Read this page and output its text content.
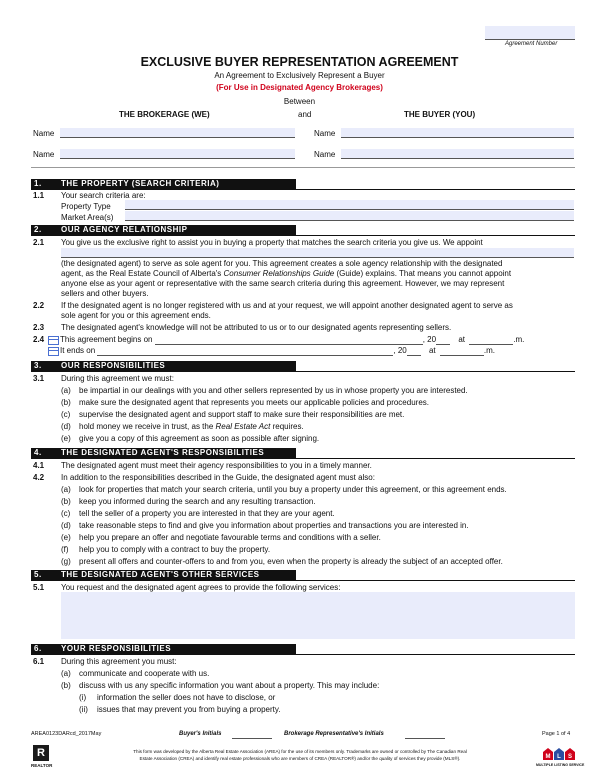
Agreement Number
EXCLUSIVE BUYER REPRESENTATION AGREEMENT
An Agreement to Exclusively Represent a Buyer
(For Use in Designated Agency Brokerages)
Between
THE BROKERAGE (WE)	and	THE BUYER (YOU)
Name	Name
Name	Name
1. THE PROPERTY (SEARCH CRITERIA)
1.1 Your search criteria are:
Property Type
Market Area(s)
2. OUR AGENCY RELATIONSHIP
2.1 You give us the exclusive right to assist you in buying a property that matches the search criteria you give us. We appoint
(the designated agent) to serve as sole agent for you. This agreement creates a sole agency relationship with the designated
agent, as the Real Estate Council of Alberta's Consumer Relationships Guide (Guide) explains. That means you cannot appoint
anyone else as your agent or representative with the same search criteria during this agreement. However, we may represent
sellers and other buyers.
2.2 If the designated agent is no longer registered with us and at your request, we will appoint another designated agent to serve as
sole agent for you or this agreement ends.
2.3 The designated agent's knowledge will not be attributed to us or to our designated agents representing sellers.
2.4	This agreement begins on	, 20	at	.m.
It ends on	, 20	at	.m.
3. OUR RESPONSIBILITIES
3.1 During this agreement we must:
(a) be impartial in our dealings with you and other sellers represented by us in whose property you are interested.
(b) make sure the designated agent that represents you meets our applicable policies and procedures.
(c) supervise the designated agent and support staff to make sure their responsibilities are met.
(d) hold money we receive in trust, as the Real Estate Act requires.
(e) give you a copy of this agreement as soon as possible after signing.
4. THE DESIGNATED AGENT'S RESPONSIBILITIES
4.1 The designated agent must meet their agency responsibilities to you in a timely manner.
4.2 In addition to the responsibilities described in the Guide, the designated agent must also:
(a) look for properties that match your search criteria, until you buy a property under this agreement, or this agreement ends.
(b) keep you informed during the search and any resulting transaction.
(c) tell the seller of a property you are interested in that they are your agent.
(d) take reasonable steps to find and give you information about properties and transactions you are interested in.
(e) help you prepare an offer and negotiate favourable terms and conditions with a seller.
(f) help you to comply with a contract to buy the property.
(g) present all offers and counter-offers to and from you, even when the property is already the subject of an accepted offer.
5. THE DESIGNATED AGENT'S OTHER SERVICES
5.1 You request and the designated agent agrees to provide the following services:
6. YOUR RESPONSIBILITIES
6.1 During this agreement you must:
(a) communicate and cooperate with us.
(b) discuss with us any specific information you want about a property. This may include:
(i) information the seller does not have to disclose, or
(ii) issues that may prevent you from buying a property.
AREA0123DARcd_2017May	Buyer's Initials	Brokerage Representative's Initials	Page 1 of 4
R
REALTOR
This form was developed by the Alberta Real Estate Association (AREA) for the use of its members only. Trademarks are owned or controlled by The Canadian Real
Estate Association (CREA) and identify real estate professionals who are members of CREA (REALTOR®) and/or the quality of services they provide (MLS®).	M L S
MULTIPLE LISTING SERVICE
